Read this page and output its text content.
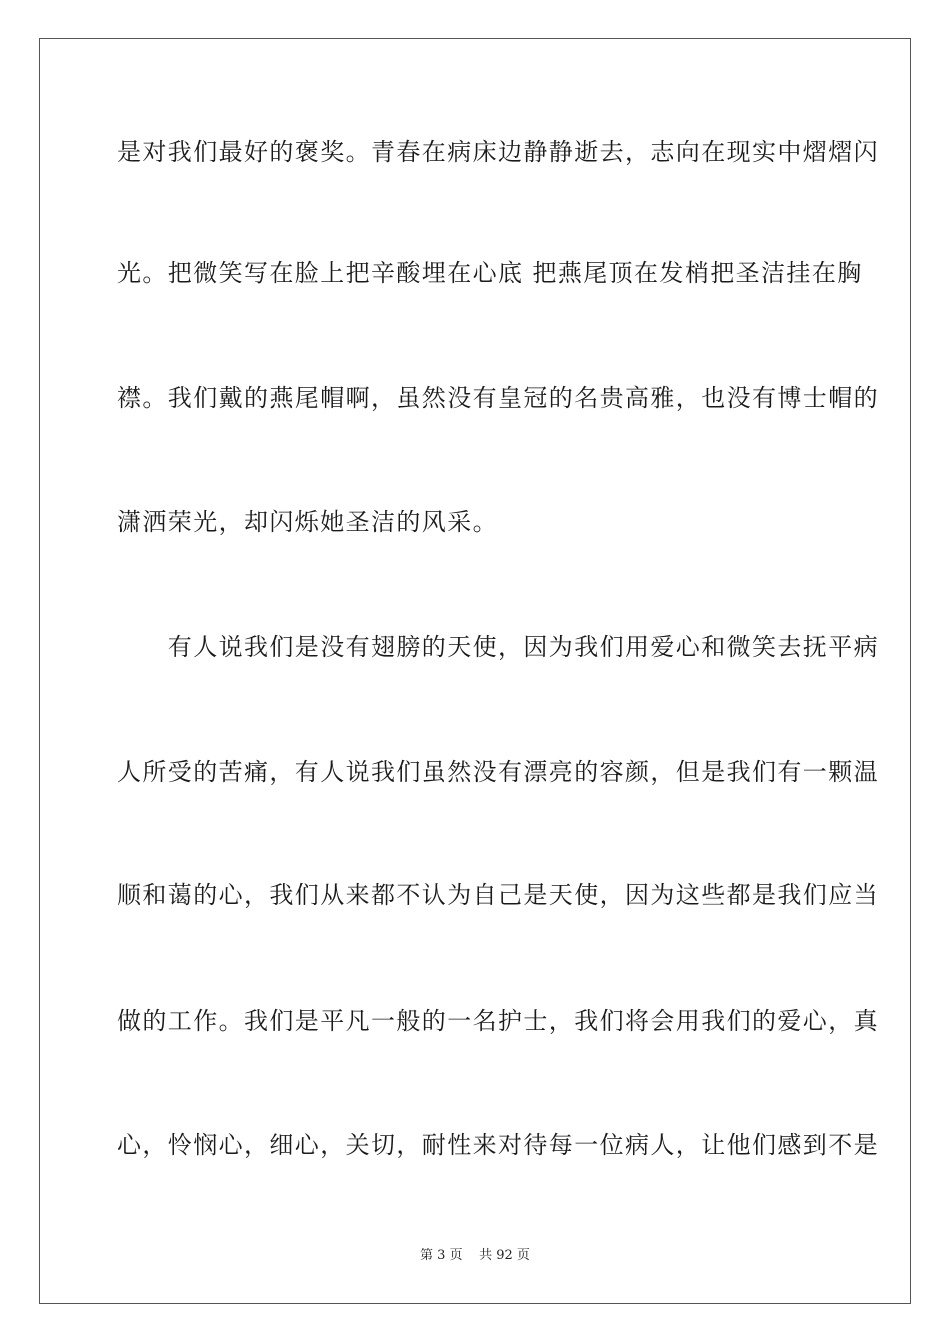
是对我们最好的褒奖。青春在病床边静静逝去，志向在现实中熠熠闪
光。把微笑写在脸上把辛酸埋在心底 把燕尾顶在发梢把圣洁挂在胸
襟。我们戴的燕尾帽啊，虽然没有皇冠的名贵高雅，也没有博士帽的
潇洒荣光，却闪烁她圣洁的风采。
　　有人说我们是没有翅膀的天使，因为我们用爱心和微笑去抚平病
人所受的苦痛，有人说我们虽然没有漂亮的容颜，但是我们有一颗温
顺和蔼的心，我们从来都不认为自己是天使，因为这些都是我们应当
做的工作。我们是平凡一般的一名护士，我们将会用我们的爱心，真
心，怜悯心，细心，关切，耐性来对待每一位病人，让他们感到不是
第 3 页 共 92 页
